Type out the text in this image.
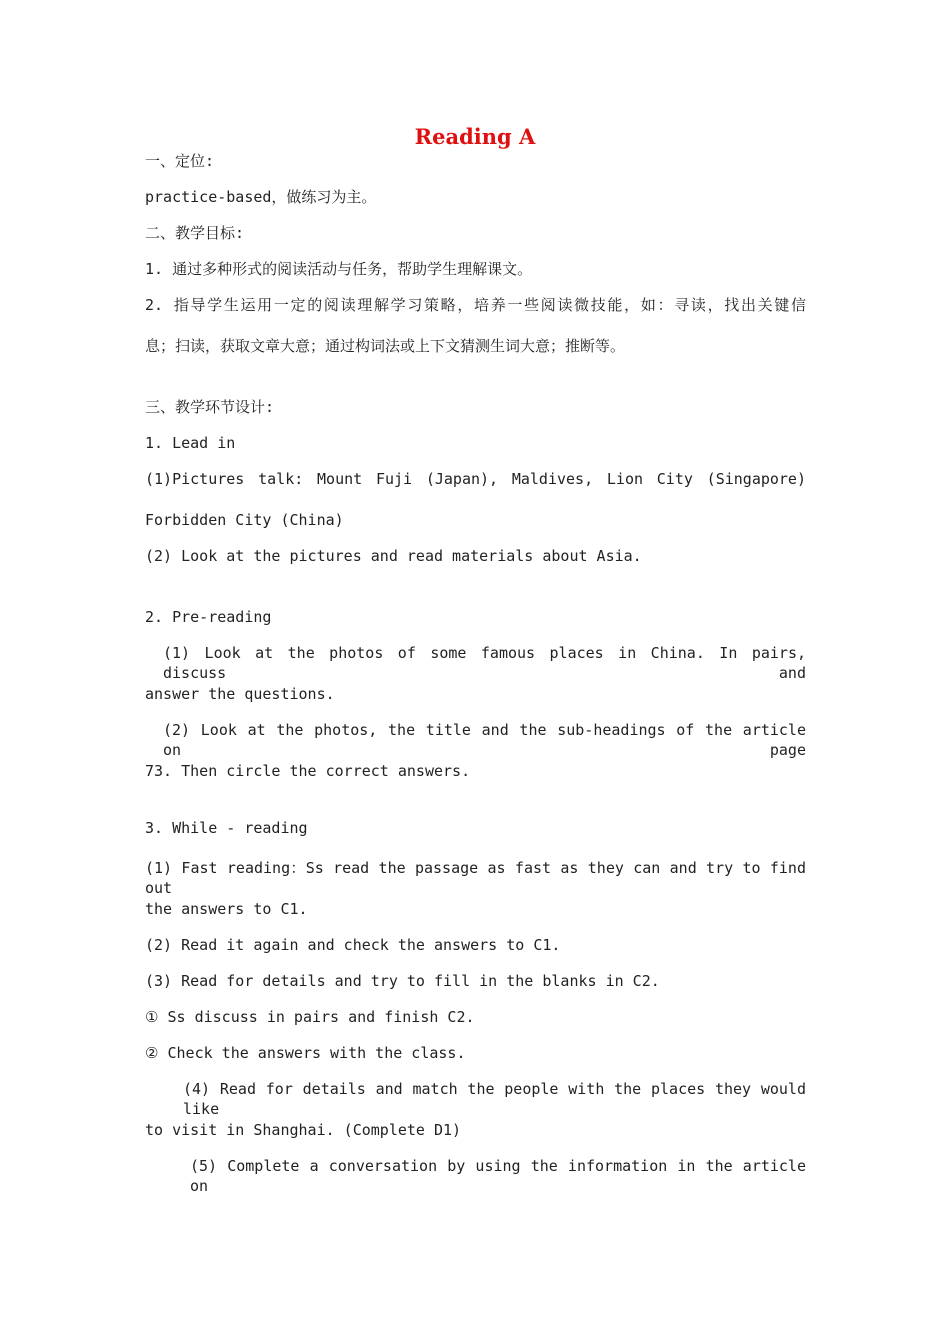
Reading A
一、定位:
practice-based，做练习为主。
二、教学目标:
1. 通过多种形式的阅读活动与任务，帮助学生理解课文。
2. 指导学生运用一定的阅读理解学习策略，培养一些阅读微技能，如：寻读，找出关键信
息；扫读，获取文章大意；通过构词法或上下文猜测生词大意；推断等。
三、教学环节设计:
1. Lead in
(1)Pictures talk: Mount Fuji (Japan), Maldives, Lion City (Singapore)
Forbidden City (China)
(2) Look at the pictures and read materials about Asia.
2. Pre-reading
(1) Look at the photos of some famous places in China. In pairs, discuss and
answer the questions.
(2) Look at the photos, the title and the sub-headings of the article on page
73. Then circle the correct answers.
3. While - reading
(1) Fast reading：Ss read the passage as fast as they can and try to find out
the answers to C1.
(2) Read it again and check the answers to C1.
(3) Read for details and try to fill in the blanks in C2.
① Ss discuss in pairs and finish C2.
② Check the answers with the class.
(4) Read for details and match the people with the places they would like
to visit in Shanghai. (Complete D1)
(5) Complete a conversation by using the information in the article on
